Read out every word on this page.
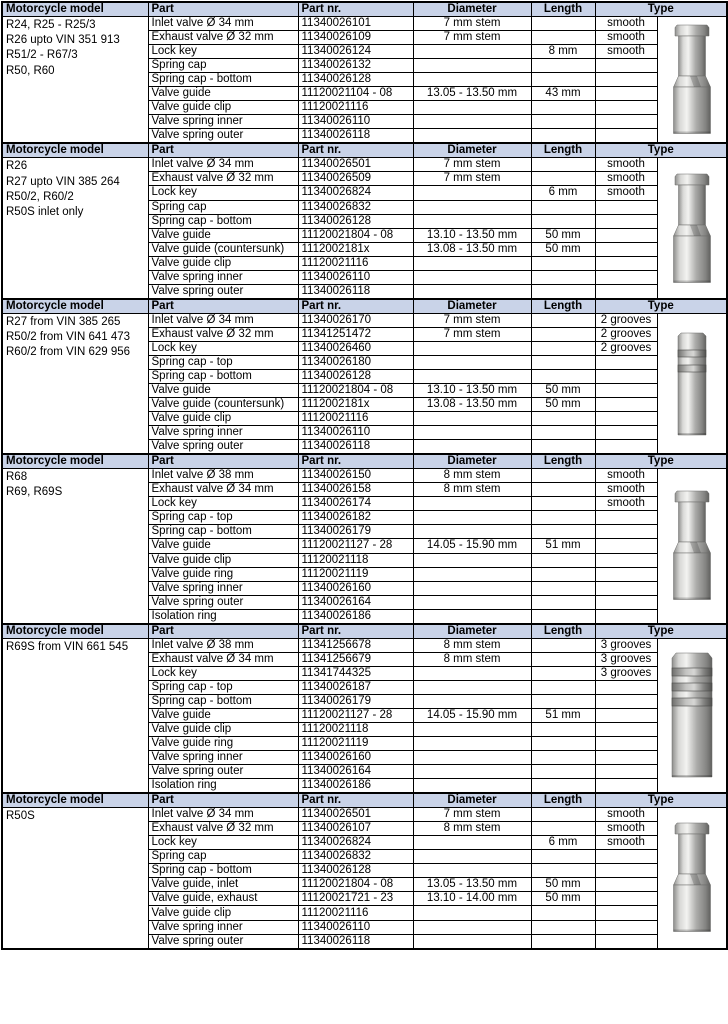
Motorcycle model	Part	Part nr.	Diameter	Length	Type	

R24, R25 - R25/3
R26 upto VIN 351 913
R51/2 - R67/3
R50, R60	Inlet valve Ø 34 mm	11340026101	7 mm stem		smooth	

	Exhaust valve Ø 32 mm	11340026109	7 mm stem		smooth	
	Lock key	11340026124		8 mm	smooth	
	Spring cap	11340026132				
	Spring cap - bottom	11340026128				
	Valve guide	11120021104 - 08	13.05 - 13.50 mm	43 mm		
	Valve guide clip	11120021116				
	Valve spring inner	11340026110				
	Valve spring outer	11340026118				
Motorcycle model	Part	Part nr.	Diameter	Length	Type	

R26
R27 upto VIN 385 264
R50/2, R60/2
R50S inlet only	Inlet valve Ø 34 mm	11340026501	7 mm stem		smooth	

	Exhaust valve Ø 32 mm	11340026509	7 mm stem		smooth	
	Lock key	11340026824		6 mm	smooth	
	Spring cap	11340026832				
	Spring cap - bottom	11340026128				
	Valve guide	11120021804 - 08	13.10 - 13.50 mm	50 mm		
	Valve guide (countersunk)	1112002181x	13.08 - 13.50 mm	50 mm		
	Valve guide clip	11120021116				
	Valve spring inner	11340026110				
	Valve spring outer	11340026118				
Motorcycle model	Part	Part nr.	Diameter	Length	Type	

R27 from VIN 385 265
R50/2 from VIN 641 473
R60/2 from VIN 629 956	Inlet valve Ø 34 mm	11340026170	7 mm stem		2 grooves	

	Exhaust valve Ø 32 mm	11341251472	7 mm stem		2 grooves	
	Lock key	11340026460			2 grooves	
	Spring cap - top	11340026180				
	Spring cap - bottom	11340026128				
	Valve guide	11120021804 - 08	13.10 - 13.50 mm	50 mm		
	Valve guide (countersunk)	1112002181x	13.08 - 13.50 mm	50 mm		
	Valve guide clip	11120021116				
	Valve spring inner	11340026110				
	Valve spring outer	11340026118				
Motorcycle model	Part	Part nr.	Diameter	Length	Type	

R68
R69, R69S	Inlet valve Ø 38 mm	11340026150	8 mm stem		smooth	

	Exhaust valve Ø 34 mm	11340026158	8 mm stem		smooth	
	Lock key	11340026174			smooth	
	Spring cap - top	11340026182				
	Spring cap - bottom	11340026179				
	Valve guide	11120021127 - 28	14.05 - 15.90 mm	51 mm		
	Valve guide clip	11120021118				
	Valve guide ring	11120021119				
	Valve spring inner	11340026160				
	Valve spring outer	11340026164				
	Isolation ring	11340026186				
Motorcycle model	Part	Part nr.	Diameter	Length	Type	

R69S from VIN 661 545	Inlet valve Ø 38 mm	11341256678	8 mm stem		3 grooves	

	Exhaust valve Ø 34 mm	11341256679	8 mm stem		3 grooves	
	Lock key	11341744325			3 grooves	
	Spring cap - top	11340026187				
	Spring cap - bottom	11340026179				
	Valve guide	11120021127 - 28	14.05 - 15.90 mm	51 mm		
	Valve guide clip	11120021118				
	Valve guide ring	11120021119				
	Valve spring inner	11340026160				
	Valve spring outer	11340026164				
	Isolation ring	11340026186				
Motorcycle model	Part	Part nr.	Diameter	Length	Type	

R50S	Inlet valve Ø 34 mm	11340026501	7 mm stem		smooth	

	Exhaust valve Ø 32 mm	11340026107	8 mm stem		smooth	
	Lock key	11340026824		6 mm	smooth	
	Spring cap	11340026832				
	Spring cap - bottom	11340026128				
	Valve guide, inlet	11120021804 - 08	13.05 - 13.50 mm	50 mm		
	Valve guide, exhaust	11120021721 - 23	13.10 - 14.00 mm	50 mm		
	Valve guide clip	11120021116				
	Valve spring inner	11340026110				
	Valve spring outer	11340026118				
